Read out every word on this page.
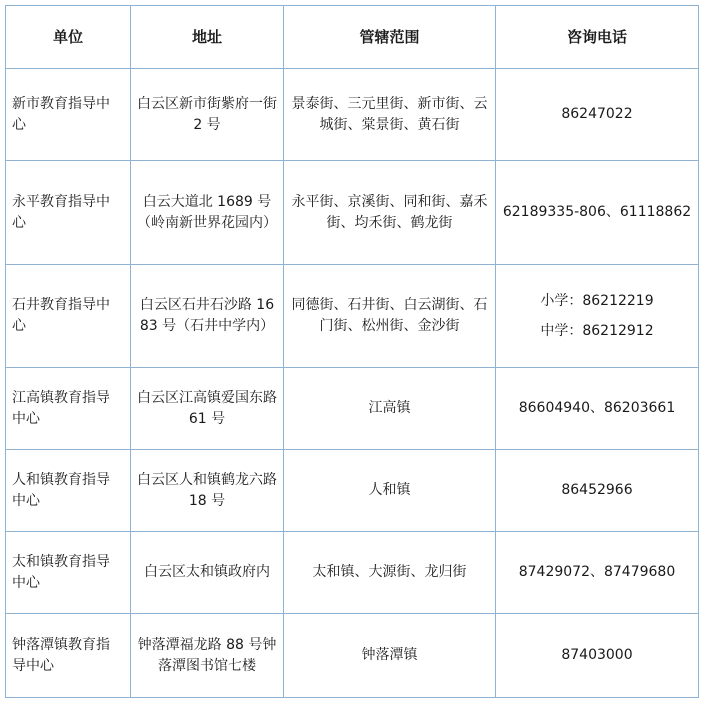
单位	地址	管辖范围	咨询电话
新市教育指导中心	白云区新市街紫府一街 2 号	景泰街、三元里街、新市街、云城街、棠景街、黄石街	86247022

永平教育指导中心	白云大道北 1689 号（岭南新世界花园内）	永平街、京溪街、同和街、嘉禾街、均禾街、鹤龙街	62189335-806、61118862

石井教育指导中心	白云区石井石沙路 1683 号（石井中学内）	同德街、石井街、白云湖街、石门街、松州街、金沙街	小学：86212219
中学：86212912

江高镇教育指导中心	白云区江高镇爱国东路 61 号	江高镇	86604940、86203661

人和镇教育指导中心	白云区人和镇鹤龙六路 18 号	人和镇	86452966

太和镇教育指导中心	白云区太和镇政府内	太和镇、大源街、龙归街	87429072、87479680

钟落潭镇教育指导中心	钟落潭福龙路 88 号钟落潭图书馆七楼	钟落潭镇	87403000
